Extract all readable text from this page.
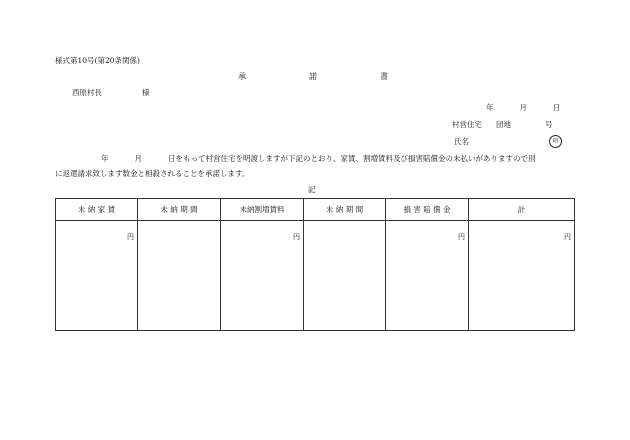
様式第10号(第20条関係)
承	諾	書
西原村長	様
年	月	日
村営住宅 団地	号
氏名	印
年	月	日をもって村営住宅を明渡しますが下記のとおり、家賃、割増賃料及び損害賠償金の未払いがありますので別
に返還請求致します数金と相殺されることを承諾します。
記
未 納 家 賃	未 納 期 間	未納割増賃料	未 納 期 間	損 害 賠 償 金	計
円		円		円	円
